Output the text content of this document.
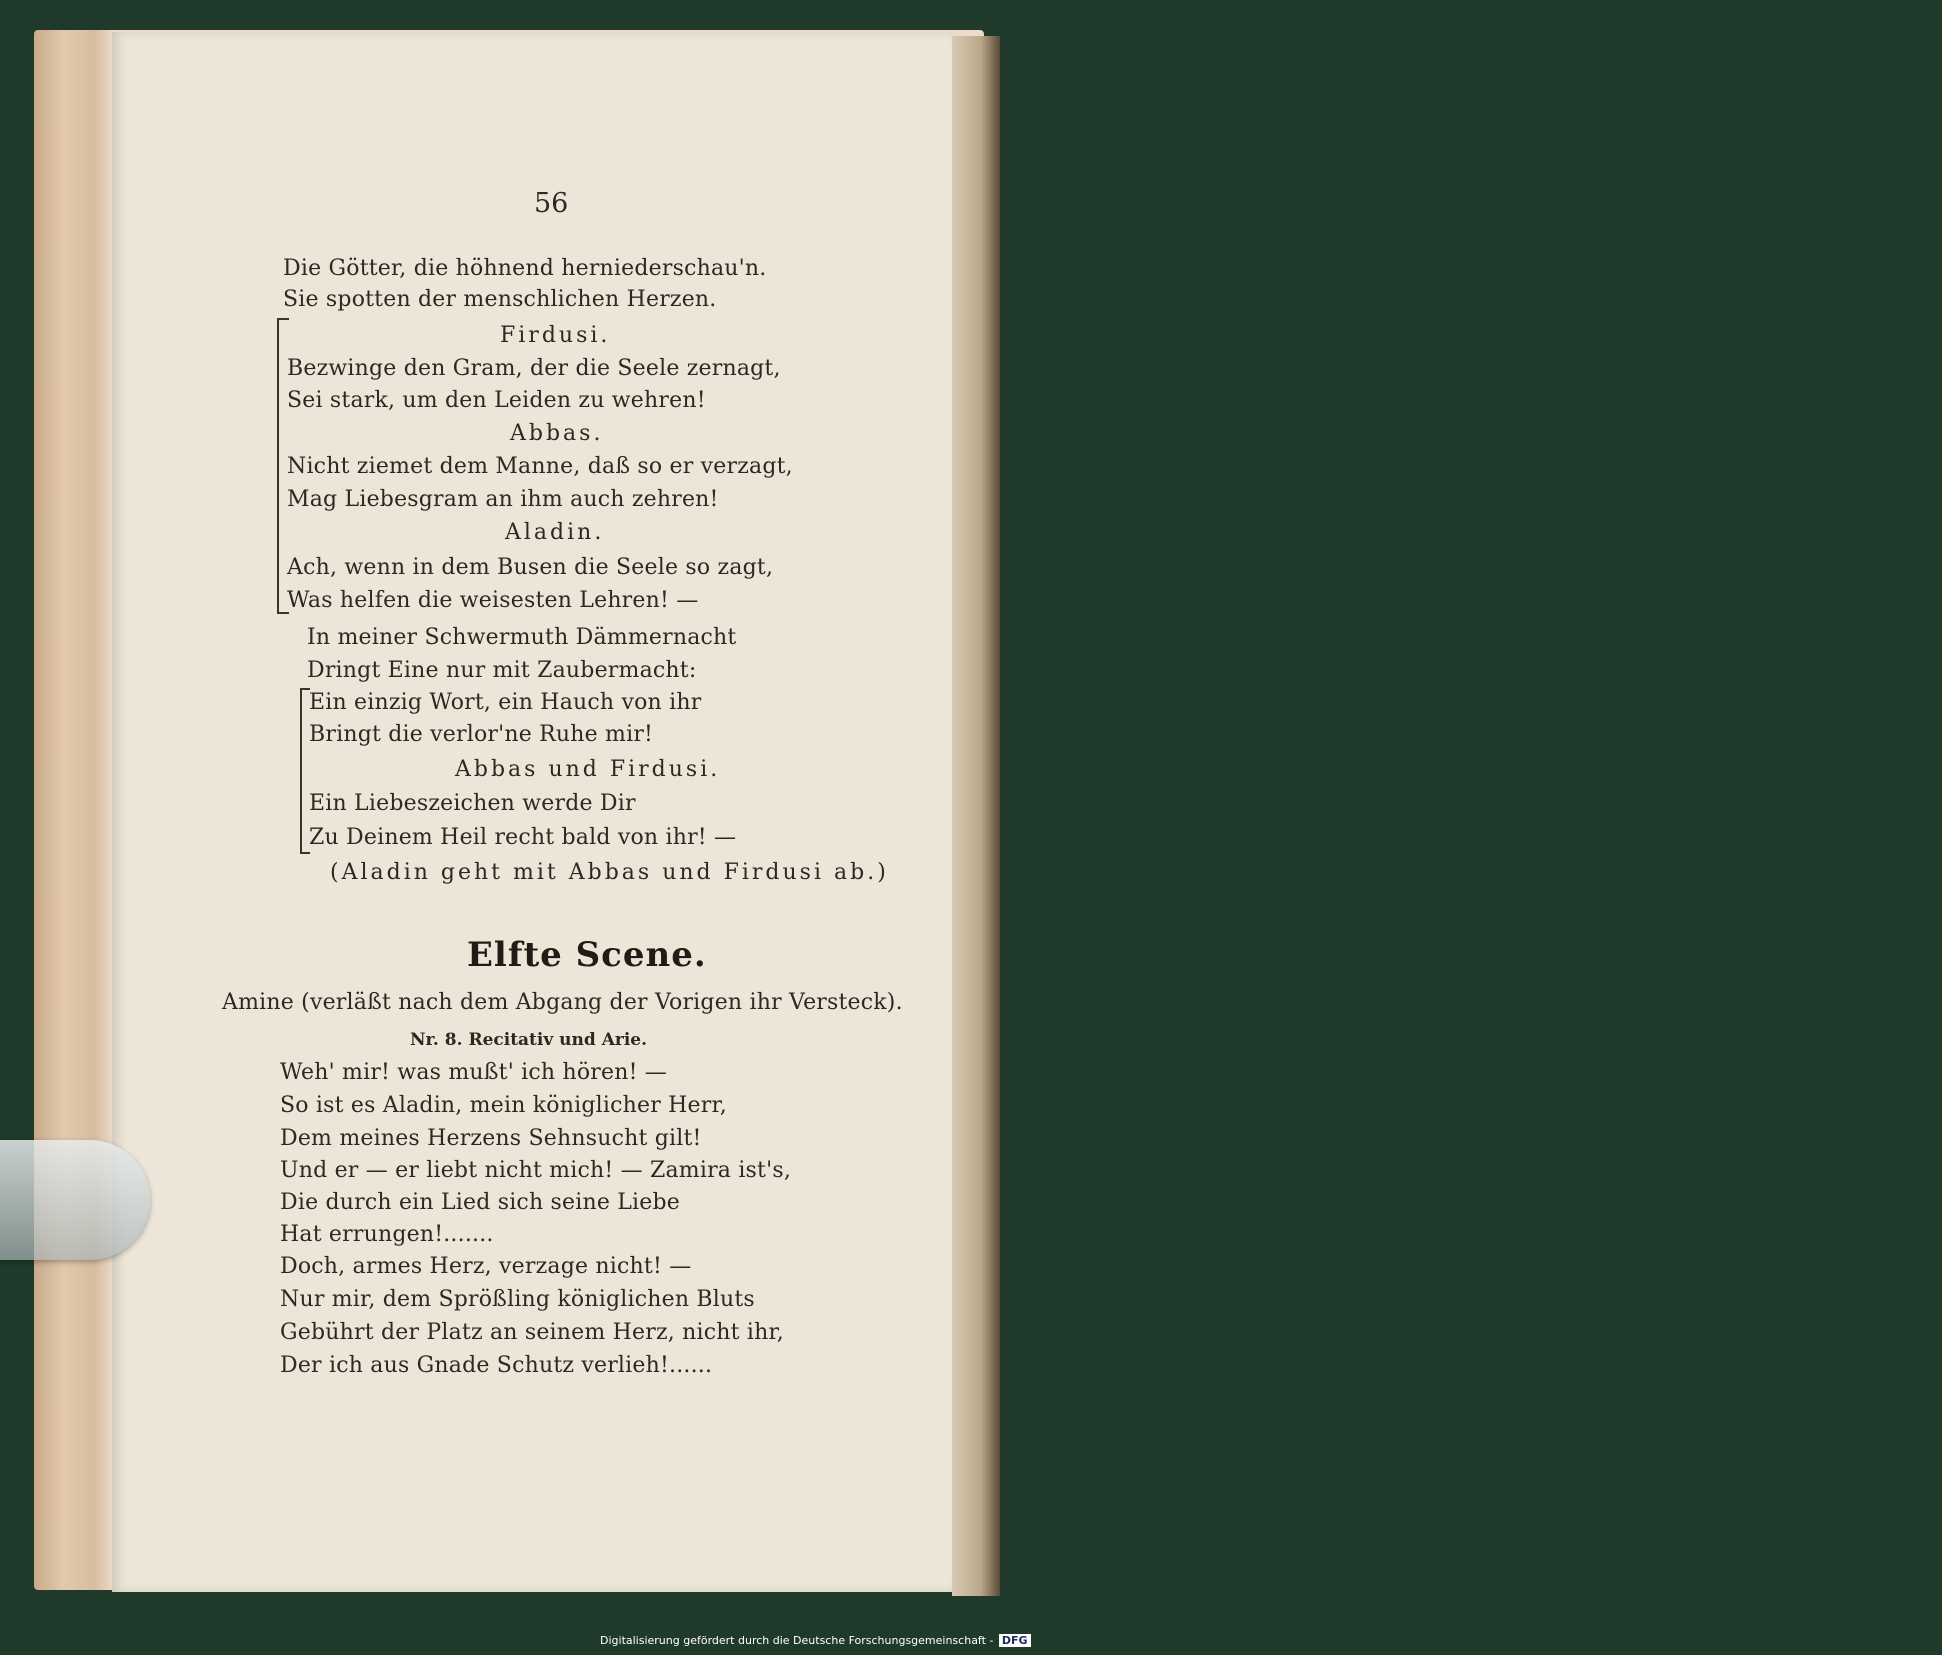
56
Die Götter, die höhnend herniederschau'n.
Sie spotten der menschlichen Herzen.
Firdusi.
Bezwinge den Gram, der die Seele zernagt,
Sei stark, um den Leiden zu wehren!
Abbas.
Nicht ziemet dem Manne, daß so er verzagt,
Mag Liebesgram an ihm auch zehren!
Aladin.
Ach, wenn in dem Busen die Seele so zagt,
Was helfen die weisesten Lehren! —
In meiner Schwermuth Dämmernacht
Dringt Eine nur mit Zaubermacht:
Ein einzig Wort, ein Hauch von ihr
Bringt die verlor'ne Ruhe mir!
Abbas und Firdusi.
Ein Liebeszeichen werde Dir
Zu Deinem Heil recht bald von ihr! —
(Aladin geht mit Abbas und Firdusi ab.)
Elfte Scene.
Amine (verläßt nach dem Abgang der Vorigen ihr Versteck).
Nr. 8. Recitativ und Arie.
Weh' mir! was mußt' ich hören! —
So ist es Aladin, mein königlicher Herr,
Dem meines Herzens Sehnsucht gilt!
Und er — er liebt nicht mich! — Zamira ist's,
Die durch ein Lied sich seine Liebe
Hat errungen!.......
Doch, armes Herz, verzage nicht! —
Nur mir, dem Sprößling königlichen Bluts
Gebührt der Platz an seinem Herz, nicht ihr,
Der ich aus Gnade Schutz verlieh!......
Digitalisierung gefördert durch die Deutsche Forschungsgemeinschaft - DFG
